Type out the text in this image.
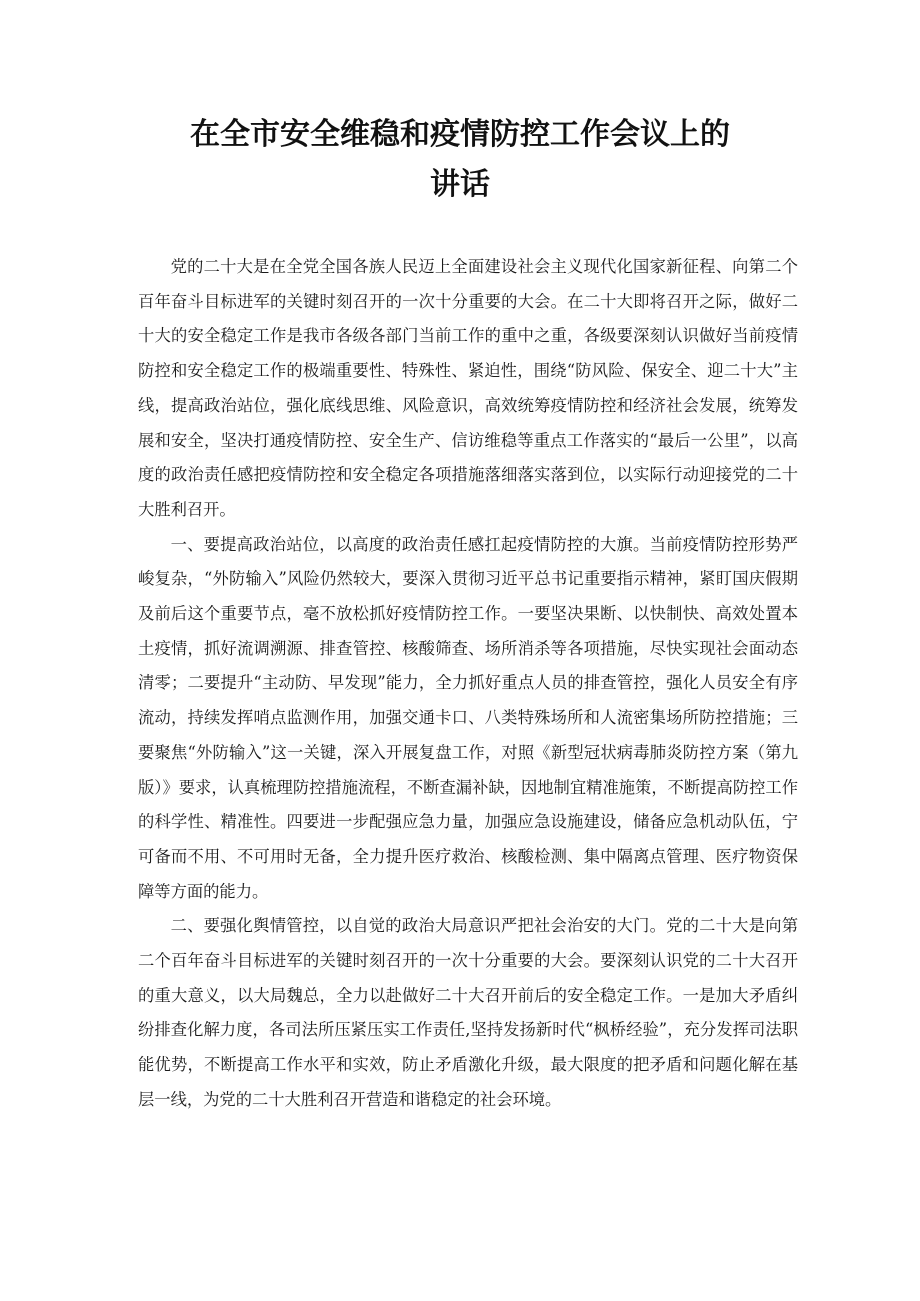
在全市安全维稳和疫情防控工作会议上的
讲话

党的二十大是在全党全国各族人民迈上全面建设社会主义现代化国家新征程、向第二个百年奋斗目标进军的关键时刻召开的一次十分重要的大会。在二十大即将召开之际，做好二十大的安全稳定工作是我市各级各部门当前工作的重中之重，各级要深刻认识做好当前疫情防控和安全稳定工作的极端重要性、特殊性、紧迫性，围绕“防风险、保安全、迎二十大”主线，提高政治站位，强化底线思维、风险意识，高效统筹疫情防控和经济社会发展，统筹发展和安全，坚决打通疫情防控、安全生产、信访维稳等重点工作落实的“最后一公里”，以高度的政治责任感把疫情防控和安全稳定各项措施落细落实落到位，以实际行动迎接党的二十大胜利召开。

一、要提高政治站位，以高度的政治责任感扛起疫情防控的大旗。当前疫情防控形势严峻复杂，“外防输入”风险仍然较大，要深入贯彻习近平总书记重要指示精神，紧盯国庆假期及前后这个重要节点，毫不放松抓好疫情防控工作。一要坚决果断、以快制快、高效处置本土疫情，抓好流调溯源、排查管控、核酸筛查、场所消杀等各项措施，尽快实现社会面动态清零；二要提升“主动防、早发现”能力，全力抓好重点人员的排查管控，强化人员安全有序流动，持续发挥哨点监测作用，加强交通卡口、八类特殊场所和人流密集场所防控措施；三要聚焦“外防输入”这一关键，深入开展复盘工作，对照《新型冠状病毒肺炎防控方案（第九版）》要求，认真梳理防控措施流程，不断查漏补缺，因地制宜精准施策，不断提高防控工作的科学性、精准性。四要进一步配强应急力量，加强应急设施建设，储备应急机动队伍，宁可备而不用、不可用时无备，全力提升医疗救治、核酸检测、集中隔离点管理、医疗物资保障等方面的能力。

二、要强化舆情管控，以自觉的政治大局意识严把社会治安的大门。党的二十大是向第二个百年奋斗目标进军的关键时刻召开的一次十分重要的大会。要深刻认识党的二十大召开的重大意义，以大局魏总，全力以赴做好二十大召开前后的安全稳定工作。一是加大矛盾纠纷排查化解力度，各司法所压紧压实工作责任,坚持发扬新时代“枫桥经验”，充分发挥司法职能优势，不断提高工作水平和实效，防止矛盾激化升级，最大限度的把矛盾和问题化解在基层一线，为党的二十大胜利召开营造和谐稳定的社会环境。
